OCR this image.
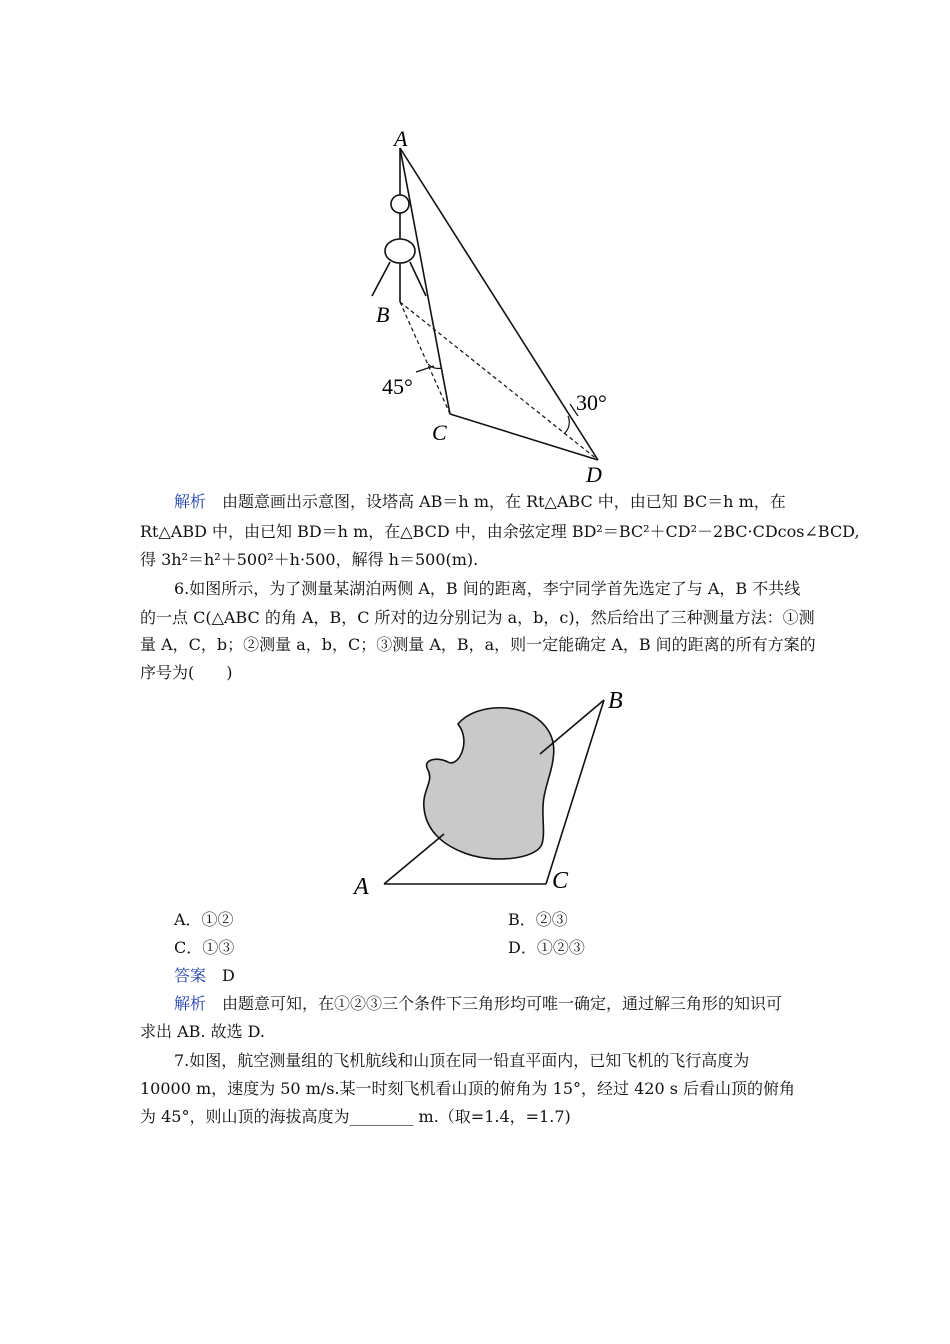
A
B
C
D
45°
30°
解析　 由题意画出示意图，设塔高 AB＝h m，在 Rt△ABC 中，由已知 BC＝h m，在
Rt△ABD 中，由已知 BD＝h m，在△BCD 中，由余弦定理 BD²＝BC²＋CD²－2BC·CDcos∠BCD,
得 3h²＝h²＋500²＋h·500，解得 h＝500(m).
6.如图所示，为了测量某湖泊两侧 A，B 间的距离，李宁同学首先选定了与 A，B 不共线
的一点 C(△ABC 的角 A，B，C 所对的边分别记为 a，b，c)，然后给出了三种测量方法：①测
量 A，C，b；②测量 a，b，C；③测量 A，B，a，则一定能确定 A，B 间的距离的所有方案的
序号为(　　)
B
A	C
A．①②	B．②③
C．①③	D．①②③
答案　 D
解析　 由题意可知，在①②③三个条件下三角形均可唯一确定，通过解三角形的知识可
求出 AB. 故选 D.
7.如图，航空测量组的飞机航线和山顶在同一铅直平面内，已知飞机的飞行高度为
10000 m，速度为 50 m/s.某一时刻飞机看山顶的俯角为 15°，经过 420 s 后看山顶的俯角
为 45°，则山顶的海拔高度为________ m.（取=1.4，=1.7)
